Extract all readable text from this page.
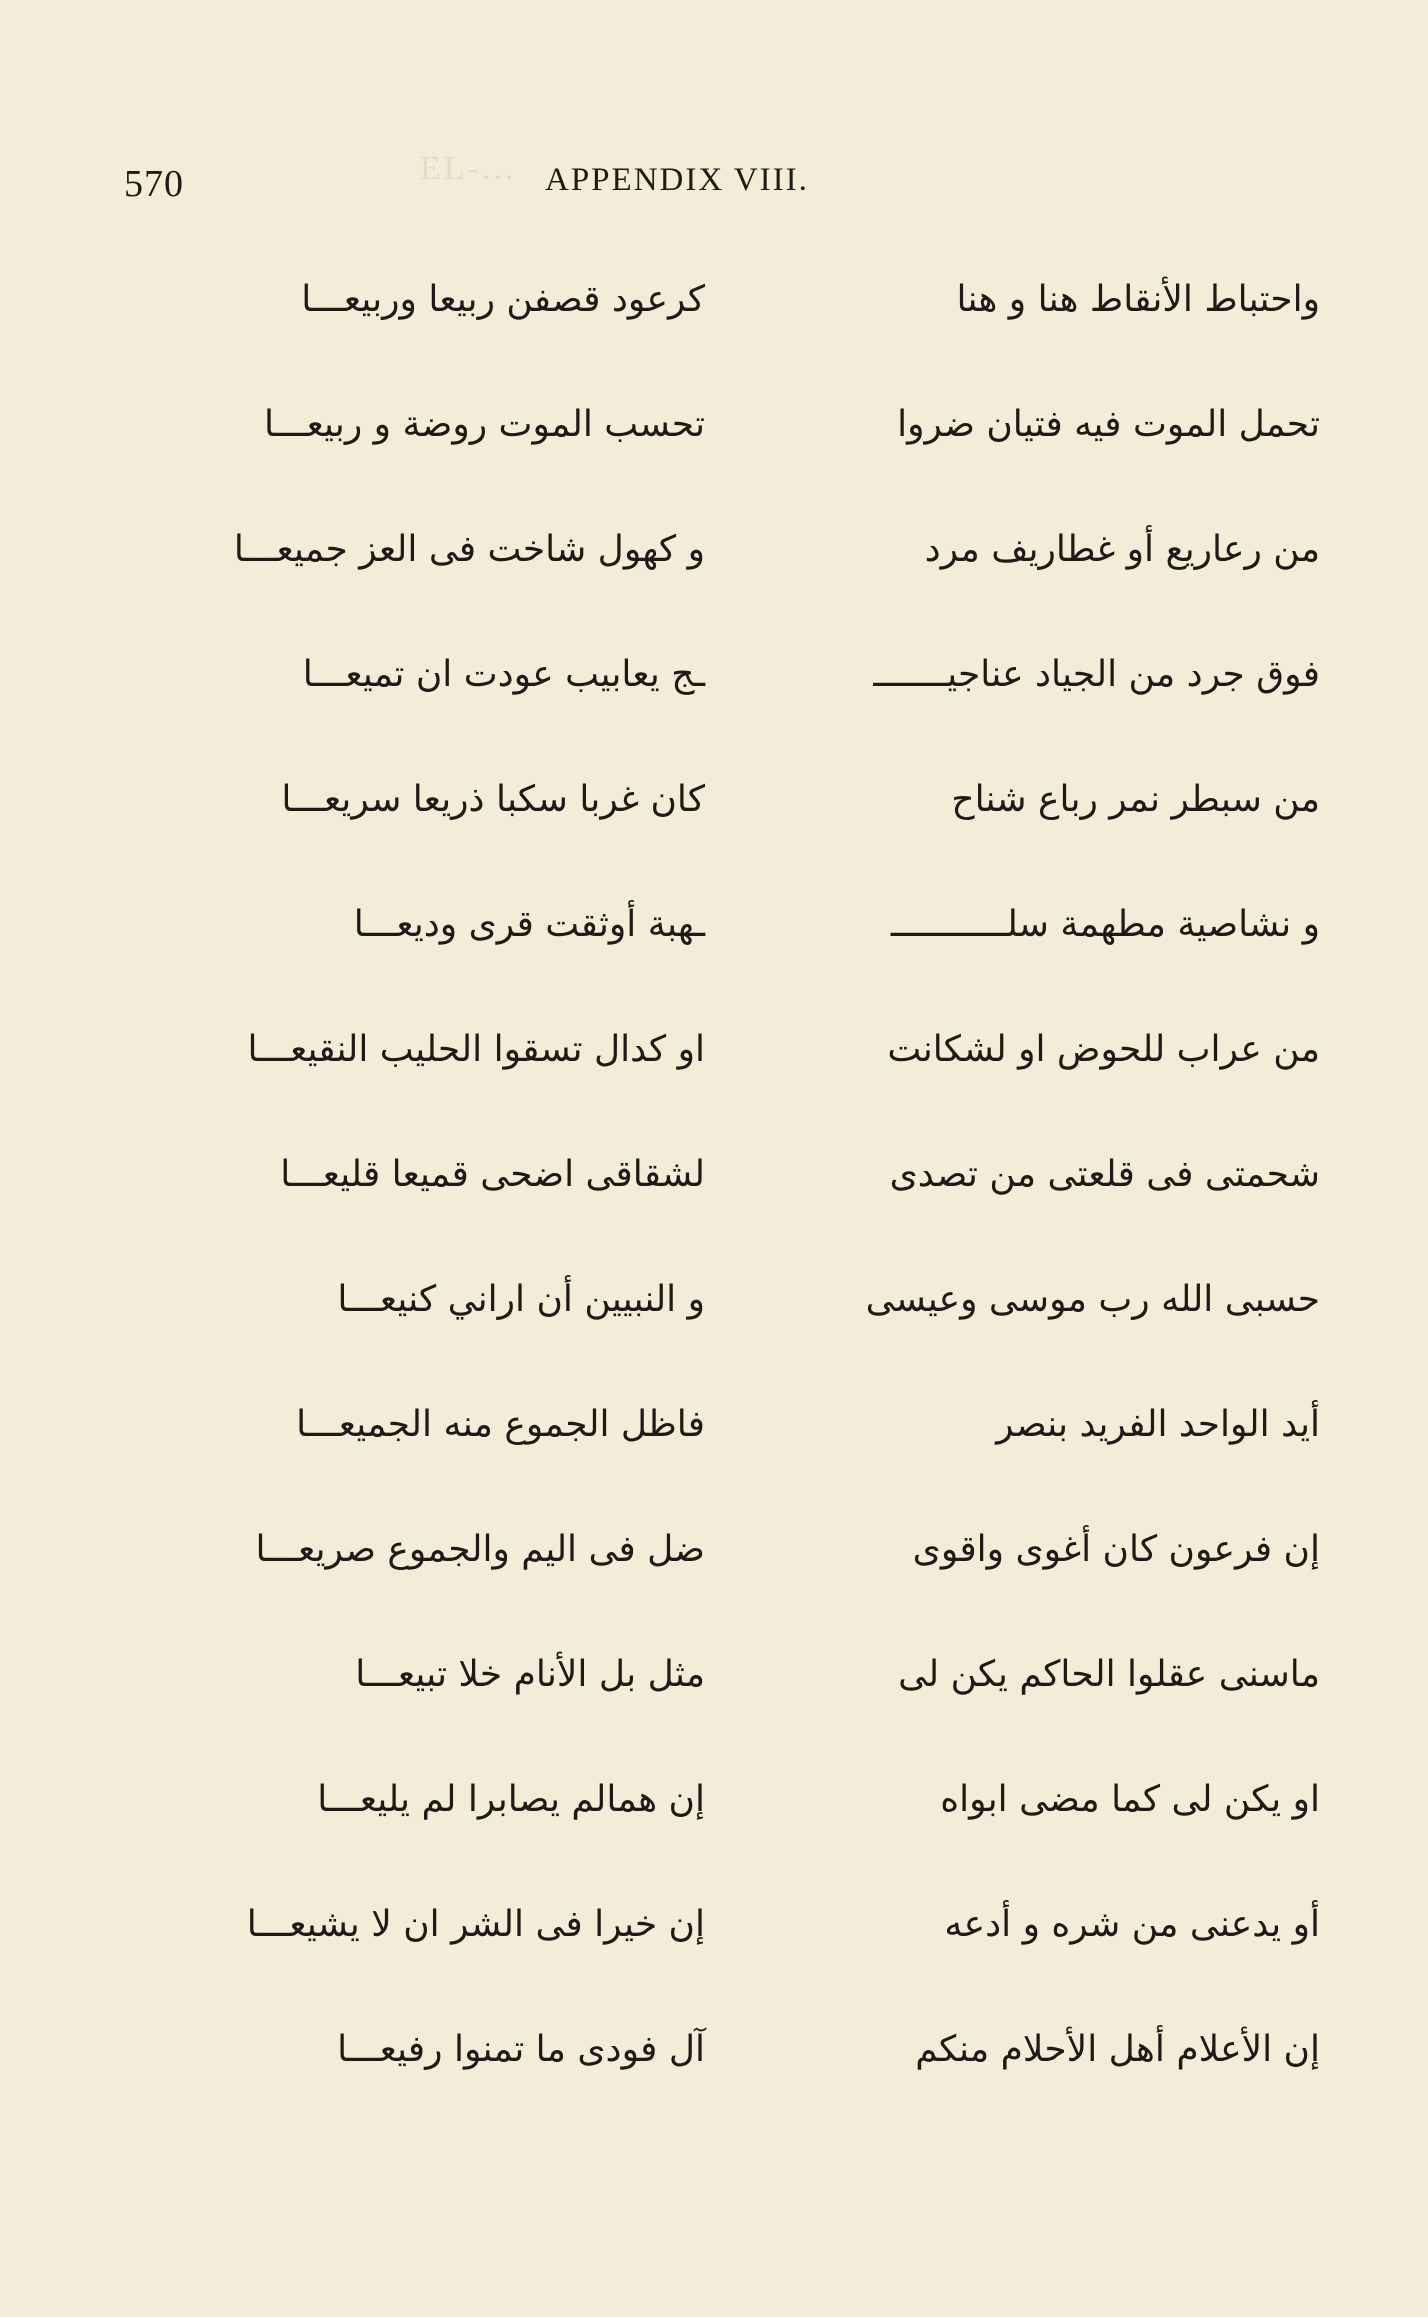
EL-...
570	APPENDIX VIII.
واحتباط الأنقاط هنا و هنا
كرعود قصفن ربيعا وربيعـــا
تحمل الموت فيه فتيان ضروا
تحسب الموت روضة و ربيعـــا
من رعاريع أو غطاريف مرد
و كهول شاخت فى العز جميعـــا
فوق جرد من الجياد عناجيـــــــ
ـج يعابيب عودت ان تميعـــا
من سبطر نمر رباع شناح
كان غربا سكبا ذريعا سريعـــا
و نشاصية مطهمة سلـــــــــــ
ـهبة أوثقت قرى وديعـــا
من عراب للحوض او لشكانت
او كدال تسقوا الحليب النقيعـــا
شحمتى فى قلعتى من تصدى
لشقاقى اضحى قميعا قليعـــا
حسبى الله رب موسى وعيسى
و النبيين أن اراني كنيعـــا
أيد الواحد الفريد بنصر
فاظل الجموع منه الجميعـــا
إن فرعون كان أغوى واقوى
ضل فى اليم والجموع صريعـــا
ماسنى عقلوا الحاكم يكن لى
مثل بل الأنام خلا تبيعـــا
او يكن لى كما مضى ابواه
إن همالم يصابرا لم يليعـــا
أو يدعنى من شره و أدعه
إن خيرا فى الشر ان لا يشيعـــا
إن الأعلام أهل الأحلام منكم
آل فودى ما تمنوا رفيعـــا
